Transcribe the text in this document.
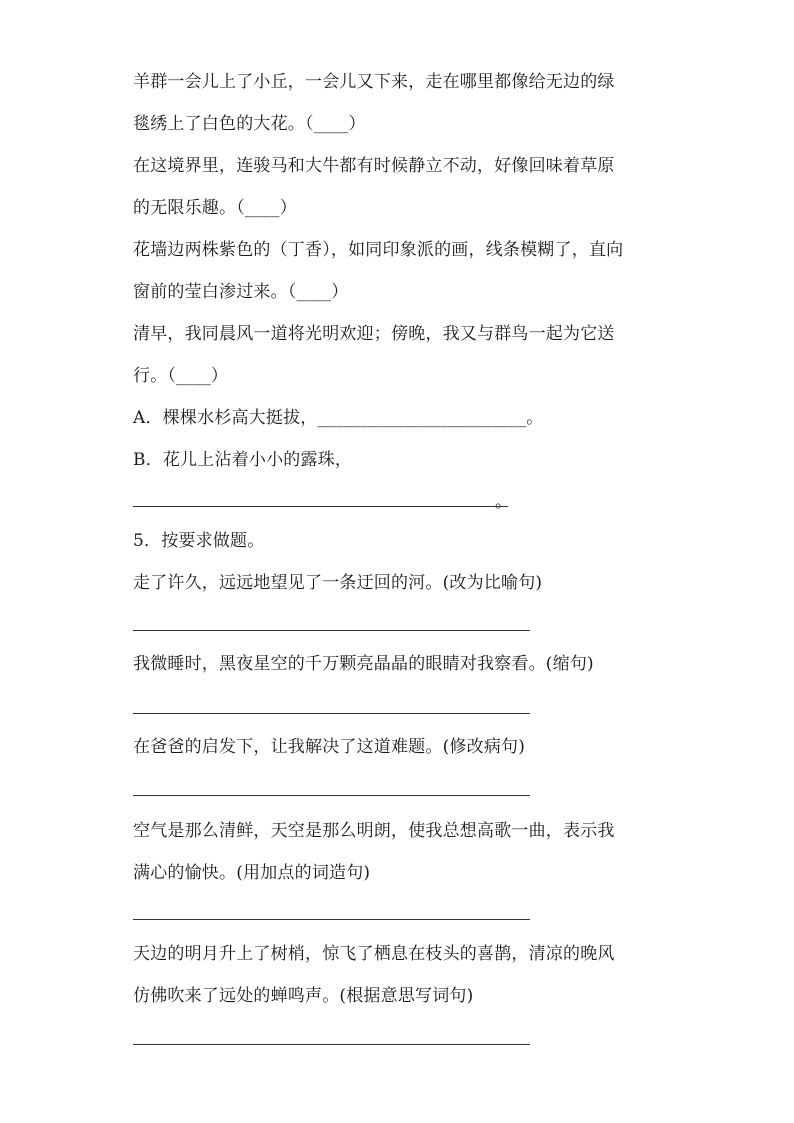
羊群一会儿上了小丘，一会儿又下来，走在哪里都像给无边的绿
毯绣上了白色的大花。（____）
在这境界里，连骏马和大牛都有时候静立不动，好像回味着草原
的无限乐趣。（____）
花墙边两株紫色的（丁香），如同印象派的画，线条模糊了，直向
窗前的莹白渗过来。（____）
清早，我同晨风一道将光明欢迎；傍晚，我又与群鸟一起为它送
行。（____）
A．棵棵水杉高大挺拔，________________________。
B．花儿上沾着小小的露珠，
。
5．按要求做题。
走了许久，远远地望见了一条迂回的河。(改为比喻句)
我微睡时，黑夜星空的千万颗亮晶晶的眼睛对我察看。(缩句)
在爸爸的启发下，让我解决了这道难题。(修改病句)
空气是那么清鲜，天空是那么明朗，使我总想高歌一曲，表示我
满心的愉快。(用加点的词造句)
天边的明月升上了树梢，惊飞了栖息在枝头的喜鹊，清凉的晚风
仿佛吹来了远处的蝉鸣声。(根据意思写词句)
